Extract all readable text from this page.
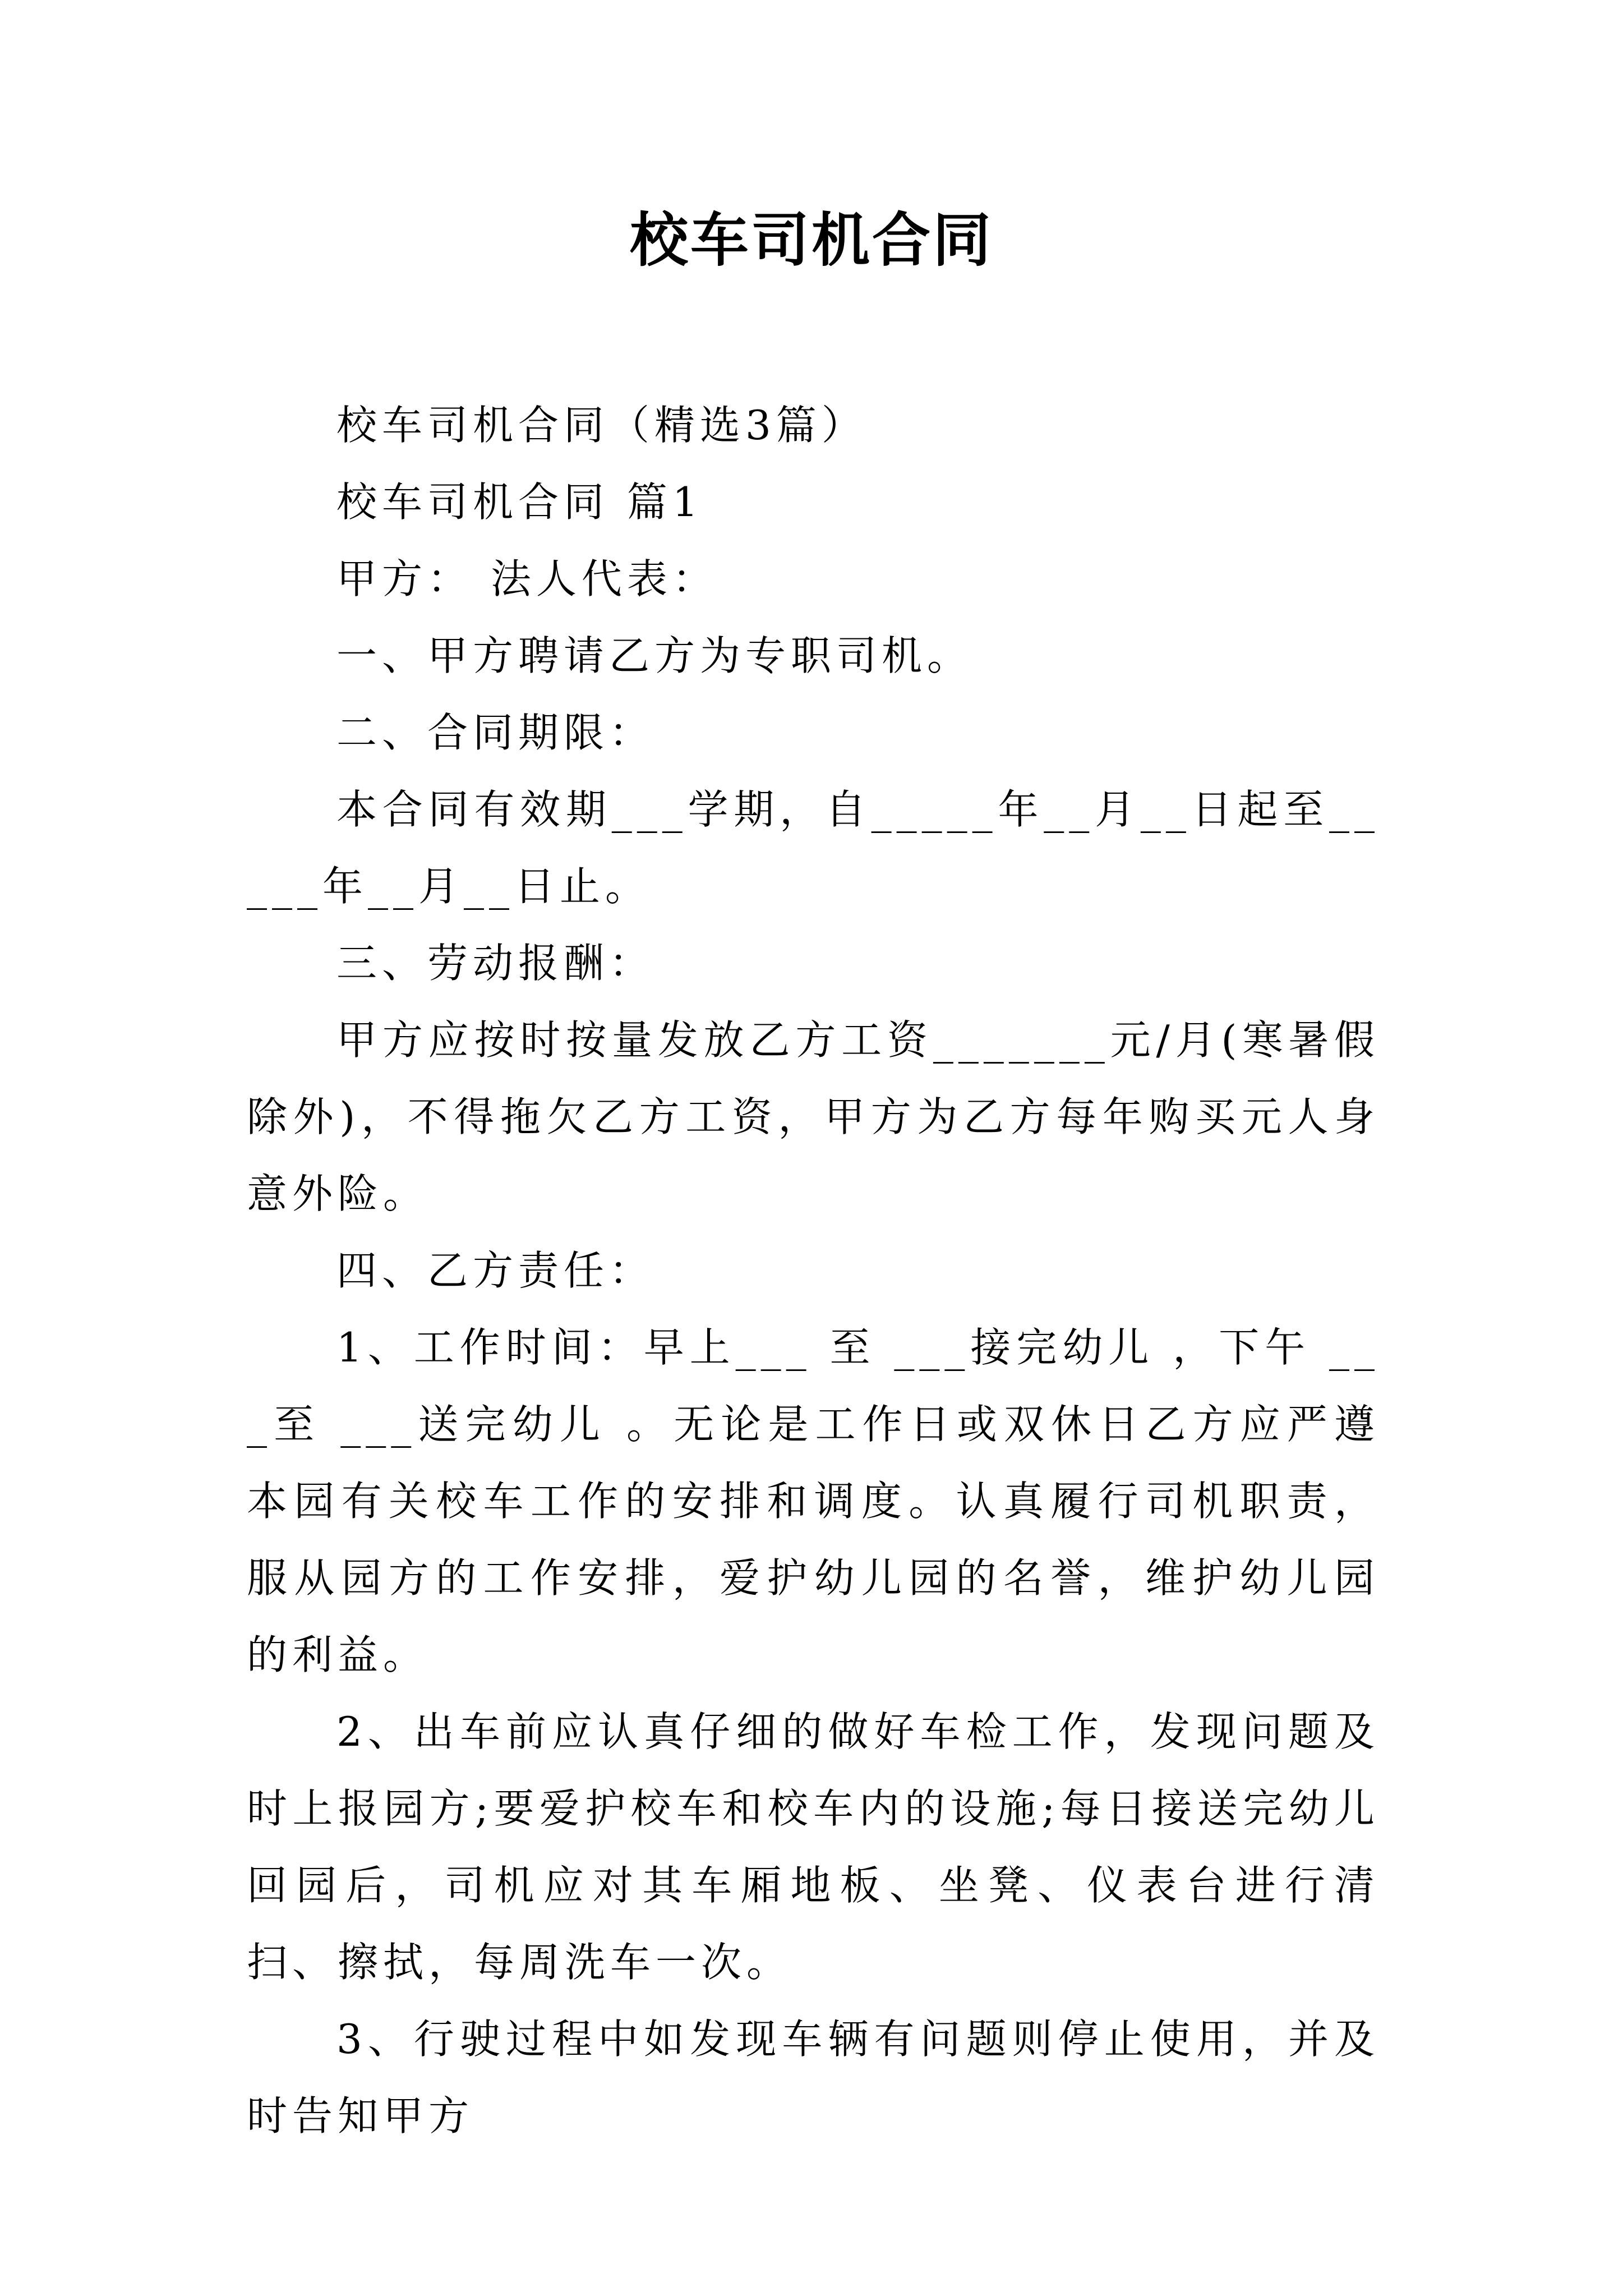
校车司机合同

校车司机合同（精选3篇）

校车司机合同 篇1

甲方： 法人代表：

一、甲方聘请乙方为专职司机。

二、合同期限：

本合同有效期___学期，自_____年__月__日起至_____年__月__日止。

三、劳动报酬：

甲方应按时按量发放乙方工资_______元/月(寒暑假除外)，不得拖欠乙方工资，甲方为乙方每年购买元人身意外险。

四、乙方责任：

1、工作时间：早上___ 至 ___接完幼儿 ，下午 ___至 ___送完幼儿 。无论是工作日或双休日乙方应严遵本园有关校车工作的安排和调度。认真履行司机职责，服从园方的工作安排，爱护幼儿园的名誉，维护幼儿园的利益。

2、出车前应认真仔细的做好车检工作，发现问题及时上报园方;要爱护校车和校车内的设施;每日接送完幼儿回园后，司机应对其车厢地板、坐凳、仪表台进行清扫、擦拭，每周洗车一次。

3、行驶过程中如发现车辆有问题则停止使用，并及时告知甲方
